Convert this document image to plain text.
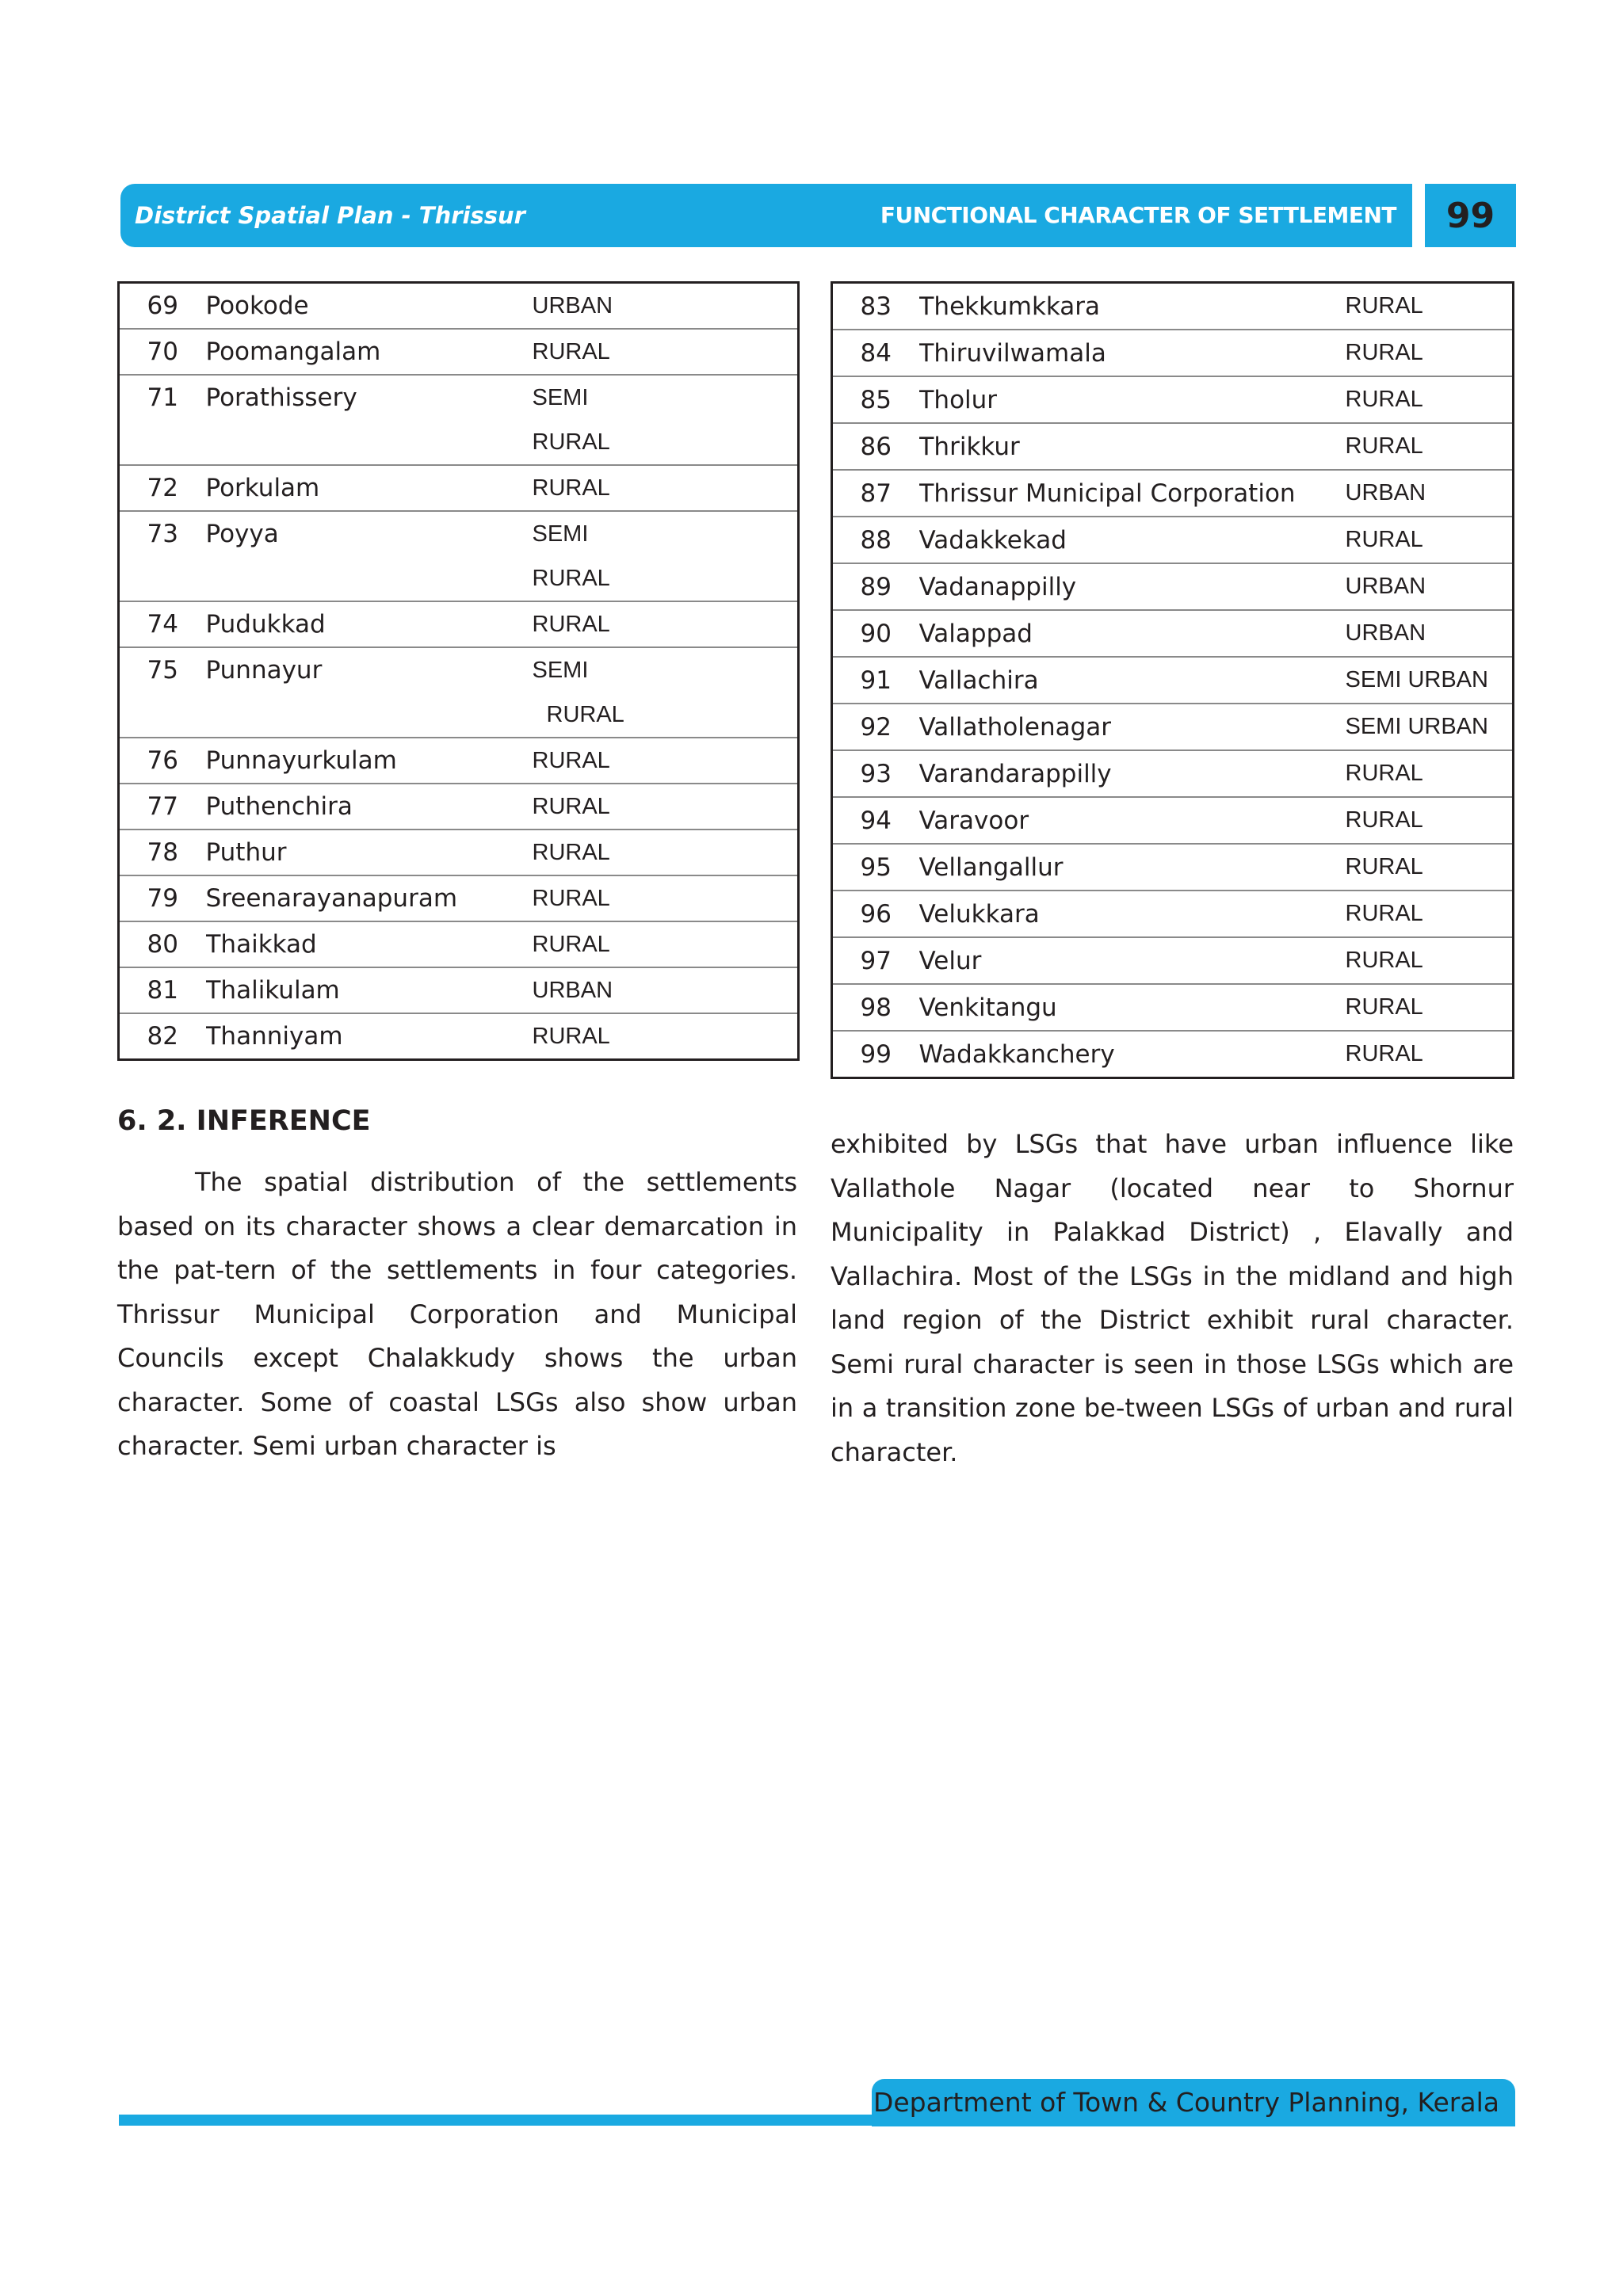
District Spatial Plan - Thrissur	FUNCTIONAL CHARACTER OF SETTLEMENT	99
69	Pookode	URBAN
70	Poomangalam	RURAL
71	Porathissery	SEMI
		RURAL
72	Porkulam	RURAL
73	Poyya	SEMI
		RURAL
74	Pudukkad	RURAL
75	Punnayur	SEMI
		RURAL
76	Punnayurkulam	RURAL
77	Puthenchira	RURAL
78	Puthur	RURAL
79	Sreenarayanapuram	RURAL
80	Thaikkad	RURAL
81	Thalikulam	URBAN
82	Thanniyam	RURAL
83	Thekkumkkara	RURAL
84	Thiruvilwamala	RURAL
85	Tholur	RURAL
86	Thrikkur	RURAL
87	Thrissur Municipal Corporation	URBAN
88	Vadakkekad	RURAL
89	Vadanappilly	URBAN
90	Valappad	URBAN
91	Vallachira	SEMI URBAN
92	Vallatholenagar	SEMI URBAN
93	Varandarappilly	RURAL
94	Varavoor	RURAL
95	Vellangallur	RURAL
96	Velukkara	RURAL
97	Velur	RURAL
98	Venkitangu	RURAL
99	Wadakkanchery	RURAL
6. 2. INFERENCE

The spatial distribution of the settlements based on its character shows a clear demarcation in the pat-tern of the settlements in four categories. Thrissur Municipal Corporation and Municipal Councils except Chalakkudy shows the urban character. Some of coastal LSGs also show urban character. Semi urban character is

exhibited by LSGs that have urban influence like Vallathole Nagar (located near to Shornur Municipality in Palakkad District) , Elavally and Vallachira. Most of the LSGs in the midland and high land region of the District exhibit rural character. Semi rural character is seen in those LSGs which are in a transition zone be-tween LSGs of urban and rural character.

Department of Town & Country Planning, Kerala
